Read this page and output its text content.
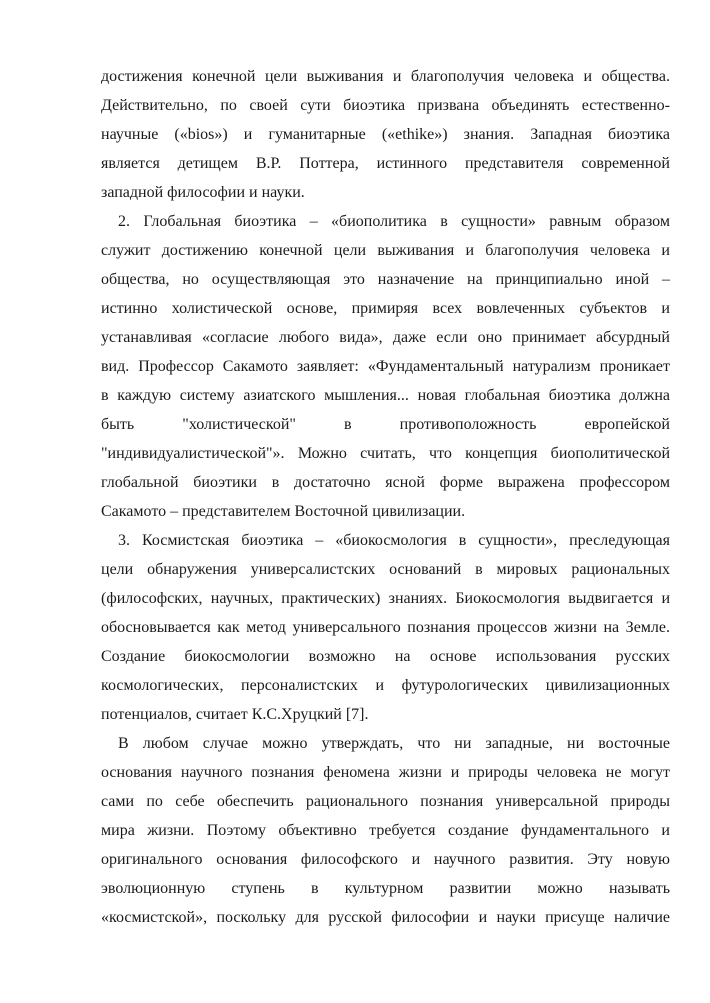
достижения конечной цели выживания и благополучия человека и общества.
Действительно, по своей сути биоэтика призвана объединять естественно-
научные («bios») и гуманитарные («ethike») знания. Западная биоэтика
является детищем В.Р. Поттера, истинного представителя современной
западной философии и науки.
2. Глобальная биоэтика – «биополитика в сущности» равным образом
служит достижению конечной цели выживания и благополучия человека и
общества, но осуществляющая это назначение на принципиально иной –
истинно холистической основе, примиряя всех вовлеченных субъектов и
устанавливая «согласие любого вида», даже если оно принимает абсурдный
вид. Профессор Сакамото заявляет: «Фундаментальный натурализм проникает
в каждую систему азиатского мышления... новая глобальная биоэтика должна
быть "холистической" в противоположность европейской
"индивидуалистической"». Можно считать, что концепция биополитической
глобальной биоэтики в достаточно ясной форме выражена профессором
Сакамото – представителем Восточной цивилизации.
3. Космистская биоэтика – «биокосмология в сущности», преследующая
цели обнаружения универсалистских оснований в мировых рациональных
(философских, научных, практических) знаниях. Биокосмология выдвигается и
обосновывается как метод универсального познания процессов жизни на Земле.
Создание биокосмологии возможно на основе использования русских
космологических, персоналистских и футурологических цивилизационных
потенциалов, считает К.С.Хруцкий [7].
В любом случае можно утверждать, что ни западные, ни восточные
основания научного познания феномена жизни и природы человека не могут
сами по себе обеспечить рационального познания универсальной природы
мира жизни. Поэтому объективно требуется создание фундаментального и
оригинального основания философского и научного развития. Эту новую
эволюционную ступень в культурном развитии можно называть
«космистской», поскольку для русской философии и науки присуще наличие
